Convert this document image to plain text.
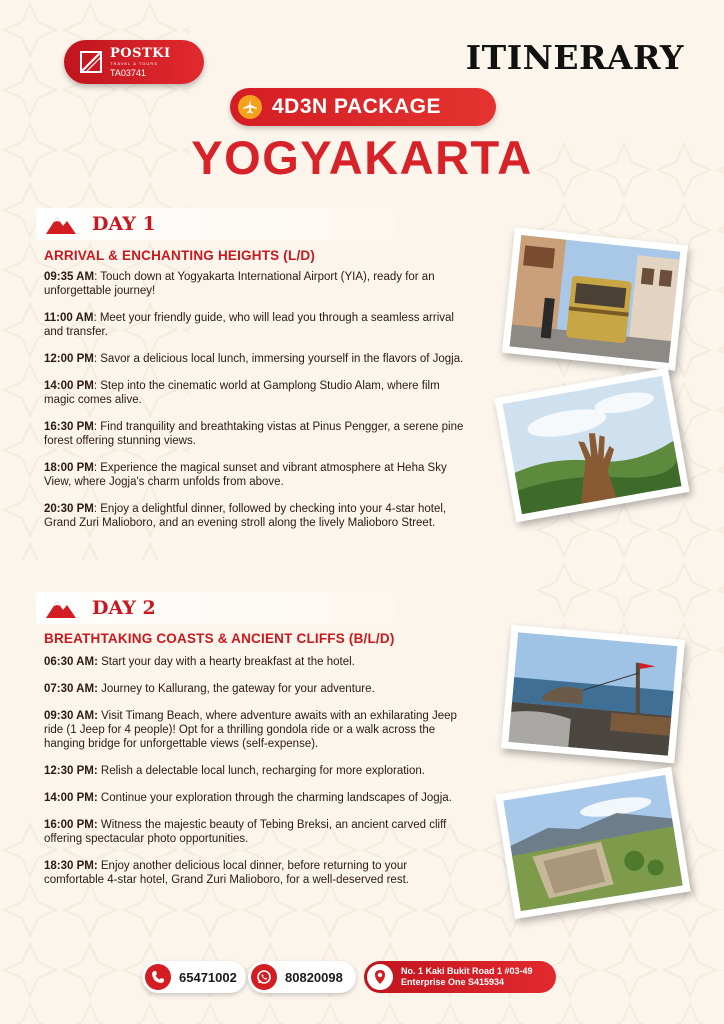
POSTKI
TRAVEL & TOURS
TA03741	ITINERARY
4D3N PACKAGE
YOGYAKARTA
DAY 1
ARRIVAL & ENCHANTING HEIGHTS (L/D)
09:35 AM: Touch down at Yogyakarta International Airport (YIA), ready for an unforgettable journey!
11:00 AM: Meet your friendly guide, who will lead you through a seamless arrival and transfer.
12:00 PM: Savor a delicious local lunch, immersing yourself in the flavors of Jogja.
14:00 PM: Step into the cinematic world at Gamplong Studio Alam, where film magic comes alive.
16:30 PM: Find tranquility and breathtaking vistas at Pinus Pengger, a serene pine forest offering stunning views.
18:00 PM: Experience the magical sunset and vibrant atmosphere at Heha Sky View, where Jogja's charm unfolds from above.
20:30 PM: Enjoy a delightful dinner, followed by checking into your 4-star hotel, Grand Zuri Malioboro, and an evening stroll along the lively Malioboro Street.
DAY 2
BREATHTAKING COASTS & ANCIENT CLIFFS (B/L/D)
06:30 AM: Start your day with a hearty breakfast at the hotel.
07:30 AM: Journey to Kallurang, the gateway for your adventure.
09:30 AM: Visit Timang Beach, where adventure awaits with an exhilarating Jeep ride (1 Jeep for 4 people)! Opt for a thrilling gondola ride or a walk across the hanging bridge for unforgettable views (self-expense).
12:30 PM: Relish a delectable local lunch, recharging for more exploration.
14:00 PM: Continue your exploration through the charming landscapes of Jogja.
16:00 PM: Witness the majestic beauty of Tebing Breksi, an ancient carved cliff offering spectacular photo opportunities.
18:30 PM: Enjoy another delicious local dinner, before returning to your comfortable 4-star hotel, Grand Zuri Malioboro, for a well-deserved rest.
65471002	80820098	No. 1 Kaki Bukit Road 1 #03-49
Enterprise One S415934
